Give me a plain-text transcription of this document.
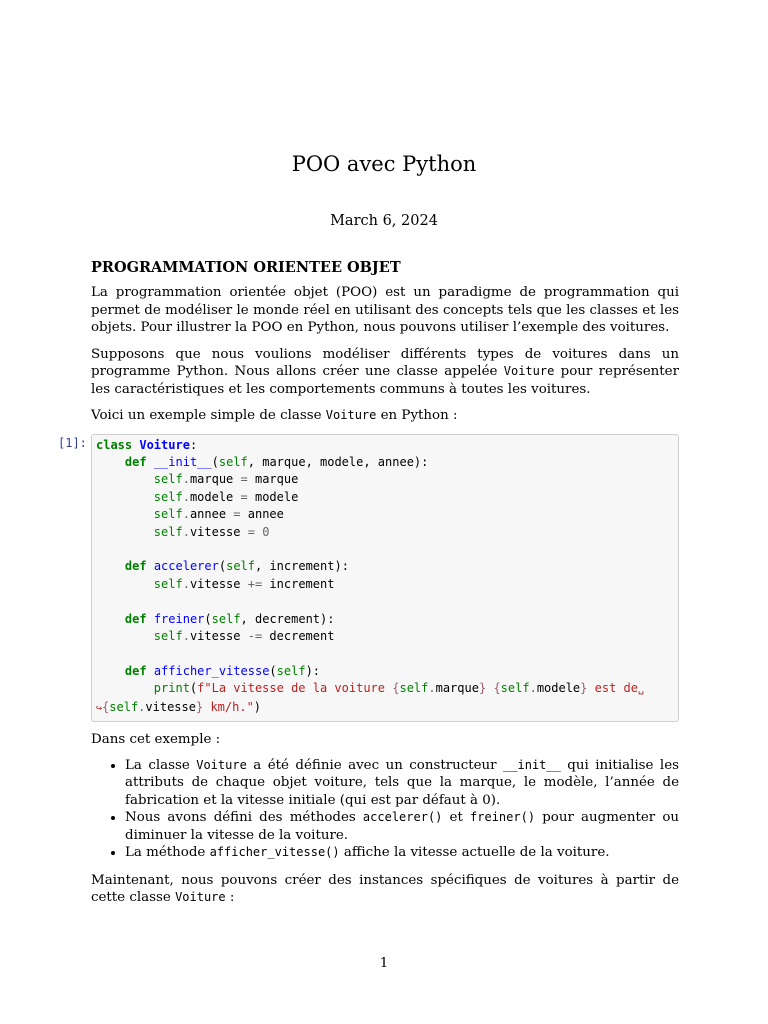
POO avec Python
March 6, 2024
PROGRAMMATION ORIENTEE OBJET

La programmation orientée objet (POO) est un paradigme de programmation qui permet de modéliser le monde réel en utilisant des concepts tels que les classes et les objets. Pour illustrer la POO en Python, nous pouvons utiliser l’exemple des voitures.

Supposons que nous voulions modéliser différents types de voitures dans un programme Python. Nous allons créer une classe appelée Voiture pour représenter les caractéristiques et les comportements communs à toutes les voitures.

Voici un exemple simple de classe Voiture en Python :

[1]: class Voiture:
def __init__(self, marque, modele, annee):
self.marque = marque
self.modele = modele
self.annee = annee
self.vitesse = 0

def accelerer(self, increment):
self.vitesse += increment

def freiner(self, decrement):
self.vitesse -= decrement

def afficher_vitesse(self):
print(f"La vitesse de la voiture {self.marque} {self.modele} est de␣
↪{self.vitesse} km/h.")

Dans cet exemple :

• La classe Voiture a été définie avec un constructeur __init__ qui initialise les attributs de chaque objet voiture, tels que la marque, le modèle, l’année de fabrication et la vitesse initiale (qui est par défaut à 0).
• Nous avons défini des méthodes accelerer() et freiner() pour augmenter ou diminuer la vitesse de la voiture.
• La méthode afficher_vitesse() affiche la vitesse actuelle de la voiture.

Maintenant, nous pouvons créer des instances spécifiques de voitures à partir de cette classe Voiture :

1
